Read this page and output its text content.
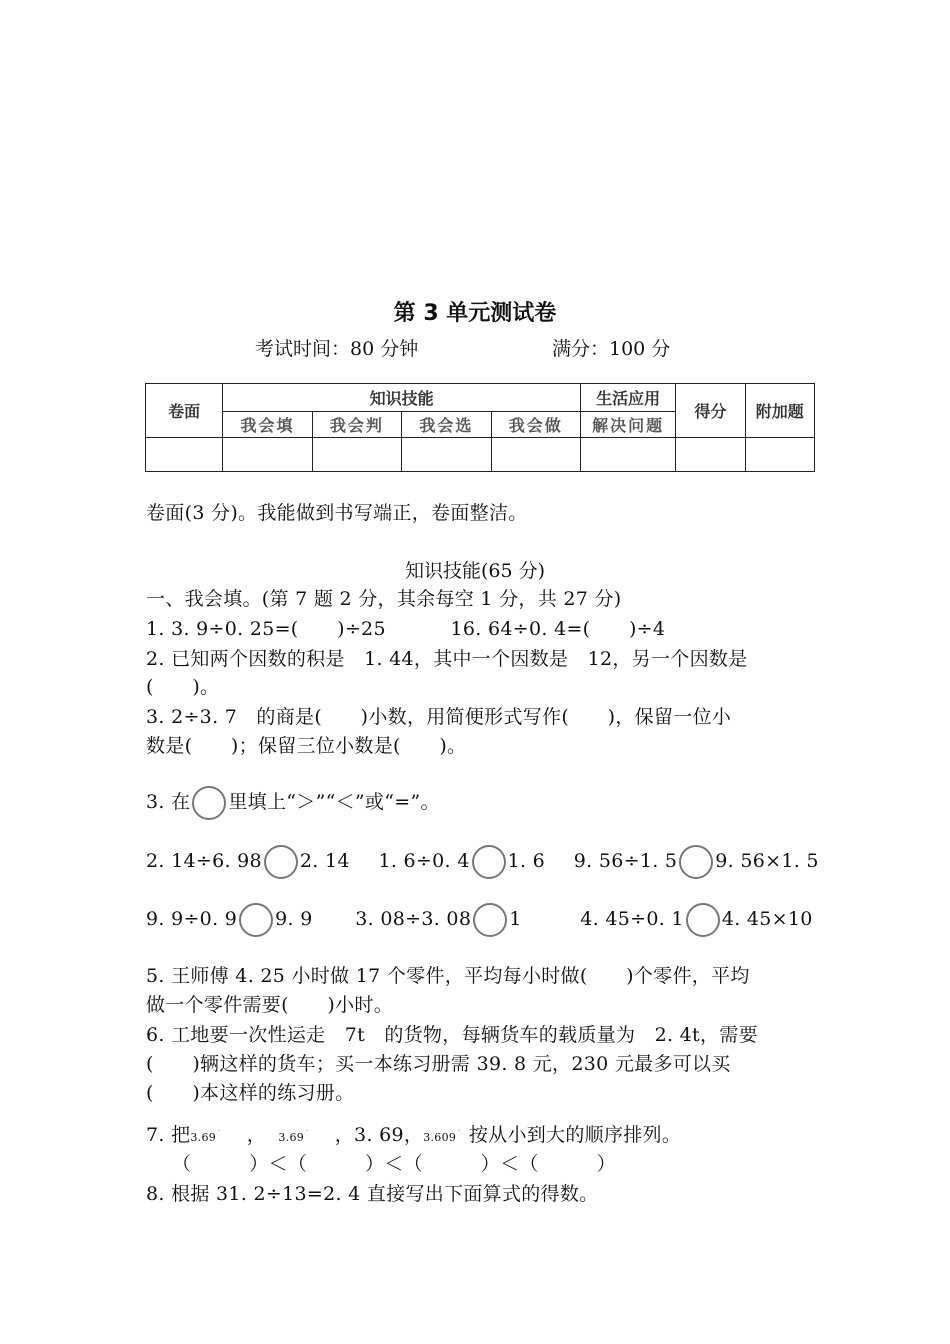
第 3 单元测试卷
考试时间：80 分钟	满分：100 分
卷面	知识技能				生活应用	得分	附加题
	我会填	我会判	我会选	我会做	解决问题		

卷面(3 分)。我能做到书写端正，卷面整洁。
知识技能(65 分)
一、我会填。(第 7 题 2 分，其余每空 1 分，共 27 分)
1. 3. 9÷0. 25=(　　)÷25	16. 64÷0. 4=(　　)÷4
2. 已知两个因数的积是　1. 44，其中一个因数是　12，另一个因数是
(　　)。
3. 2÷3. 7　的商是(　　)小数，用简便形式写作(　　)，保留一位小
数是(　　)；保留三位小数是(　　)。
3. 在 里填上“＞”“＜”或“=”。
2. 14÷6. 98 2. 14 1. 6÷0. 4 1. 6 9. 56÷1. 5 9. 56×1. 5
9. 9÷0. 9 9. 9 3. 08÷3. 08 1	4. 45÷0. 1 4. 45×10
5. 王师傅 4. 25 小时做 17 个零件，平均每小时做(　　)个零件，平均
做一个零件需要(　　)小时。
6. 工地要一次性运走　7t　的货物，每辆货车的载质量为　2. 4t，需要
(　　)辆这样的货车；买一本练习册需 39. 8 元，230 元最多可以买
(　　)本这样的练习册。
7. 把3.69˙ ， 3.69˙ ，3. 69，3.609˙ 按从小到大的顺序排列。
（　　　）＜（　　　）＜（　　　）＜（　　　）
8. 根据 31. 2÷13=2. 4 直接写出下面算式的得数。
